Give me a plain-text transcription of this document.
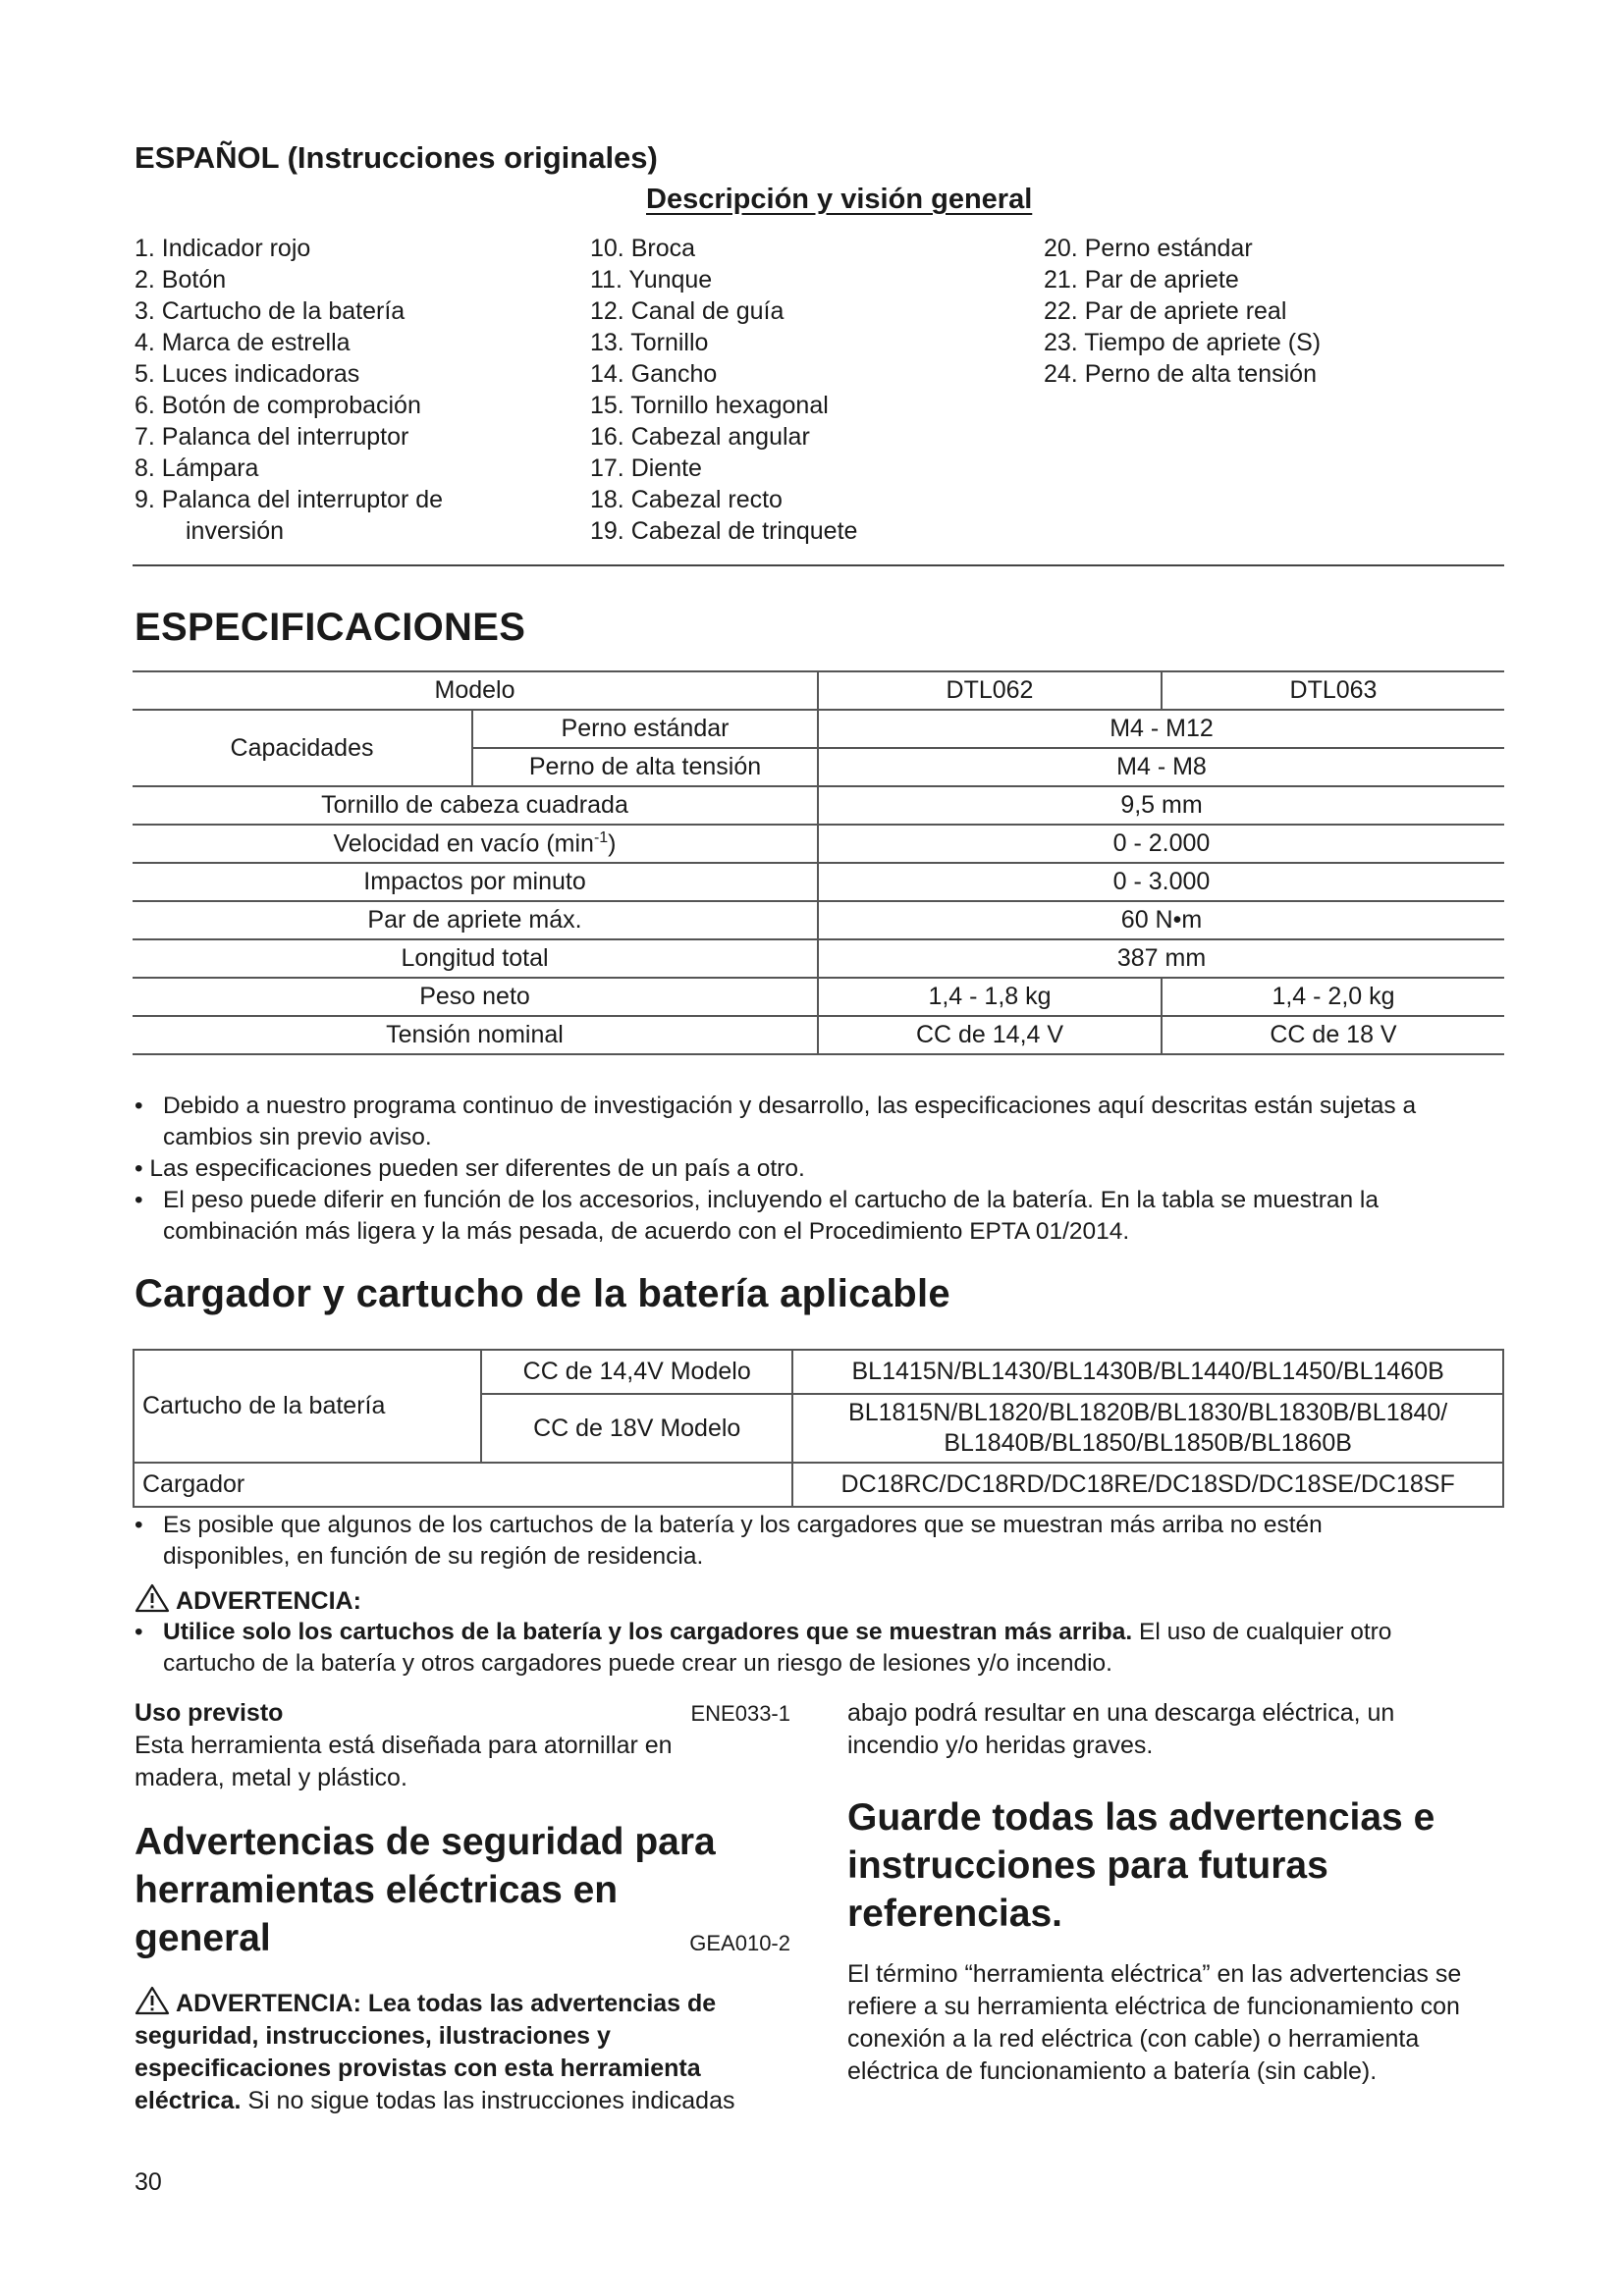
ESPAÑOL (Instrucciones originales)
Descripción y visión general
1. Indicador rojo
2. Botón
3. Cartucho de la batería
4. Marca de estrella
5. Luces indicadoras
6. Botón de comprobación
7. Palanca del interruptor
8. Lámpara
9. Palanca del interruptor de
inversión
10. Broca
11. Yunque
12. Canal de guía
13. Tornillo
14. Gancho
15. Tornillo hexagonal
16. Cabezal angular
17. Diente
18. Cabezal recto
19. Cabezal de trinquete
20. Perno estándar
21. Par de apriete
22. Par de apriete real
23. Tiempo de apriete (S)
24. Perno de alta tensión
ESPECIFICACIONES
Modelo		DTL062	DTL063
Capacidades	Perno estándar	M4 - M12	
	Perno de alta tensión	M4 - M8	
Tornillo de cabeza cuadrada		9,5 mm	
Velocidad en vacío $(\min^{-1})$		0 - 2.000	
Impactos por minuto		0 - 3.000	
Par de apriete máx.		60 N•m	
Longitud total		387 mm	
Peso neto		1,4 - 1,8 kg	1,4 - 2,0 kg
Tensión nominal		CC de 14,4 V	CC de 18 V
• Debido a nuestro programa continuo de investigación y desarrollo, las especificaciones aquí descritas están sujetas a
cambios sin previo aviso.
• Las especificaciones pueden ser diferentes de un país a otro.
• El peso puede diferir en función de los accesorios, incluyendo el cartucho de la batería. En la tabla se muestran la
combinación más ligera y la más pesada, de acuerdo con el Procedimiento EPTA 01/2014.
Cargador y cartucho de la batería aplicable
Cartucho de la batería	CC de 14,4V Modelo	BL1415N/BL1430/BL1430B/BL1440/BL1450/BL1460B
	CC de 18V Modelo	BL1815N/BL1820/BL1820B/BL1830/BL1830B/BL1840/
BL1840B/BL1850/BL1850B/BL1860B

Cargador		DC18RC/DC18RD/DC18RE/DC18SD/DC18SE/DC18SF
• Es posible que algunos de los cartuchos de la batería y los cargadores que se muestran más arriba no estén
disponibles, en función de su región de residencia.
ADVERTENCIA:
• Utilice solo los cartuchos de la batería y los cargadores que se muestran más arriba. El uso de cualquier otro
cartucho de la batería y otros cargadores puede crear un riesgo de lesiones y/o incendio.
Uso previsto	ENE033-1
Esta herramienta está diseñada para atornillar en
madera, metal y plástico.
Advertencias de seguridad para
herramientas eléctricas en
general	GEA010-2
ADVERTENCIA: Lea todas las advertencias de
seguridad, instrucciones, ilustraciones y
especificaciones provistas con esta herramienta
eléctrica. Si no sigue todas las instrucciones indicadas
abajo podrá resultar en una descarga eléctrica, un
incendio y/o heridas graves.
Guarde todas las advertencias e
instrucciones para futuras
referencias.
El término “herramienta eléctrica” en las advertencias se
refiere a su herramienta eléctrica de funcionamiento con
conexión a la red eléctrica (con cable) o herramienta
eléctrica de funcionamiento a batería (sin cable).
30
